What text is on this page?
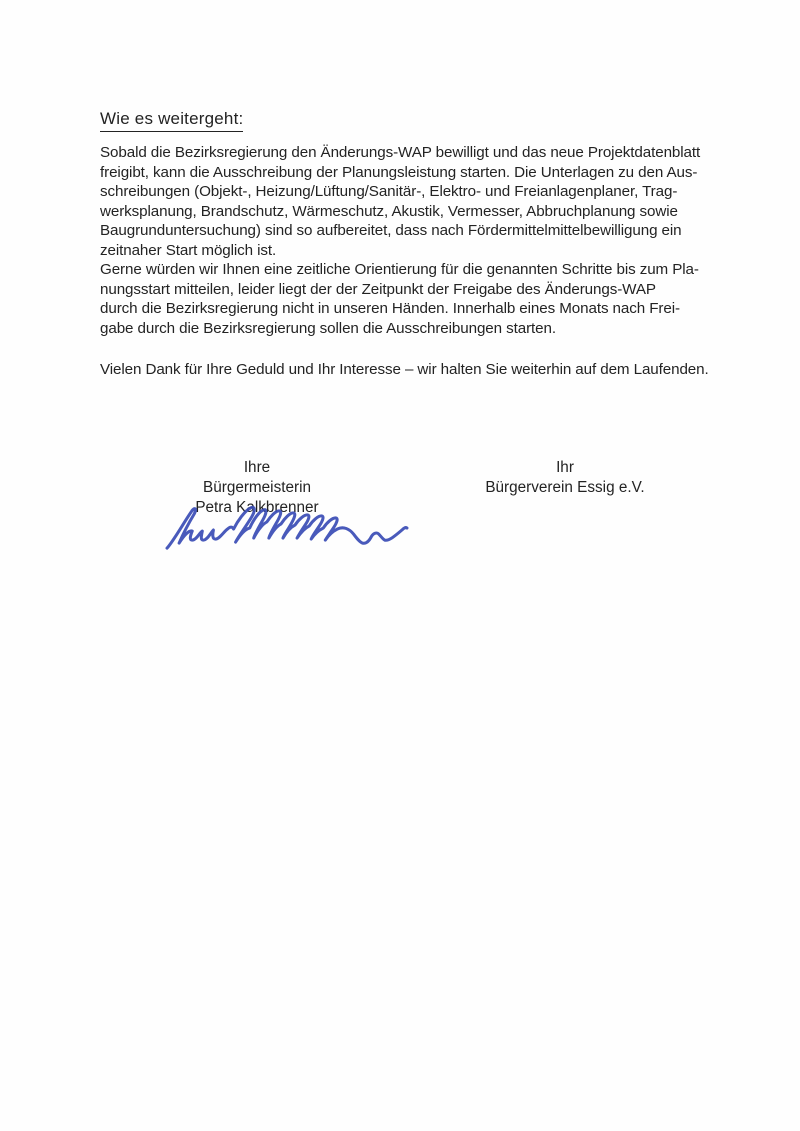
Wie es weitergeht:
Sobald die Bezirksregierung den Änderungs-WAP bewilligt und das neue Projektdatenblatt
freigibt, kann die Ausschreibung der Planungsleistung starten. Die Unterlagen zu den Aus-
schreibungen (Objekt-, Heizung/Lüftung/Sanitär-, Elektro- und Freianlagenplaner, Trag-
werksplanung, Brandschutz, Wärmeschutz, Akustik, Vermesser, Abbruchplanung sowie
Baugrunduntersuchung) sind so aufbereitet, dass nach Fördermittelmittelbewilligung ein
zeitnaher Start möglich ist.
Gerne würden wir Ihnen eine zeitliche Orientierung für die genannten Schritte bis zum Pla-
nungsstart mitteilen, leider liegt der der Zeitpunkt der Freigabe des Änderungs-WAP
durch die Bezirksregierung nicht in unseren Händen. Innerhalb eines Monats nach Frei-
gabe durch die Bezirksregierung sollen die Ausschreibungen starten.
Vielen Dank für Ihre Geduld und Ihr Interesse – wir halten Sie weiterhin auf dem Laufenden.
Ihre
Bürgermeisterin
Petra Kalkbrenner
Ihr
Bürgerverein Essig e.V.
